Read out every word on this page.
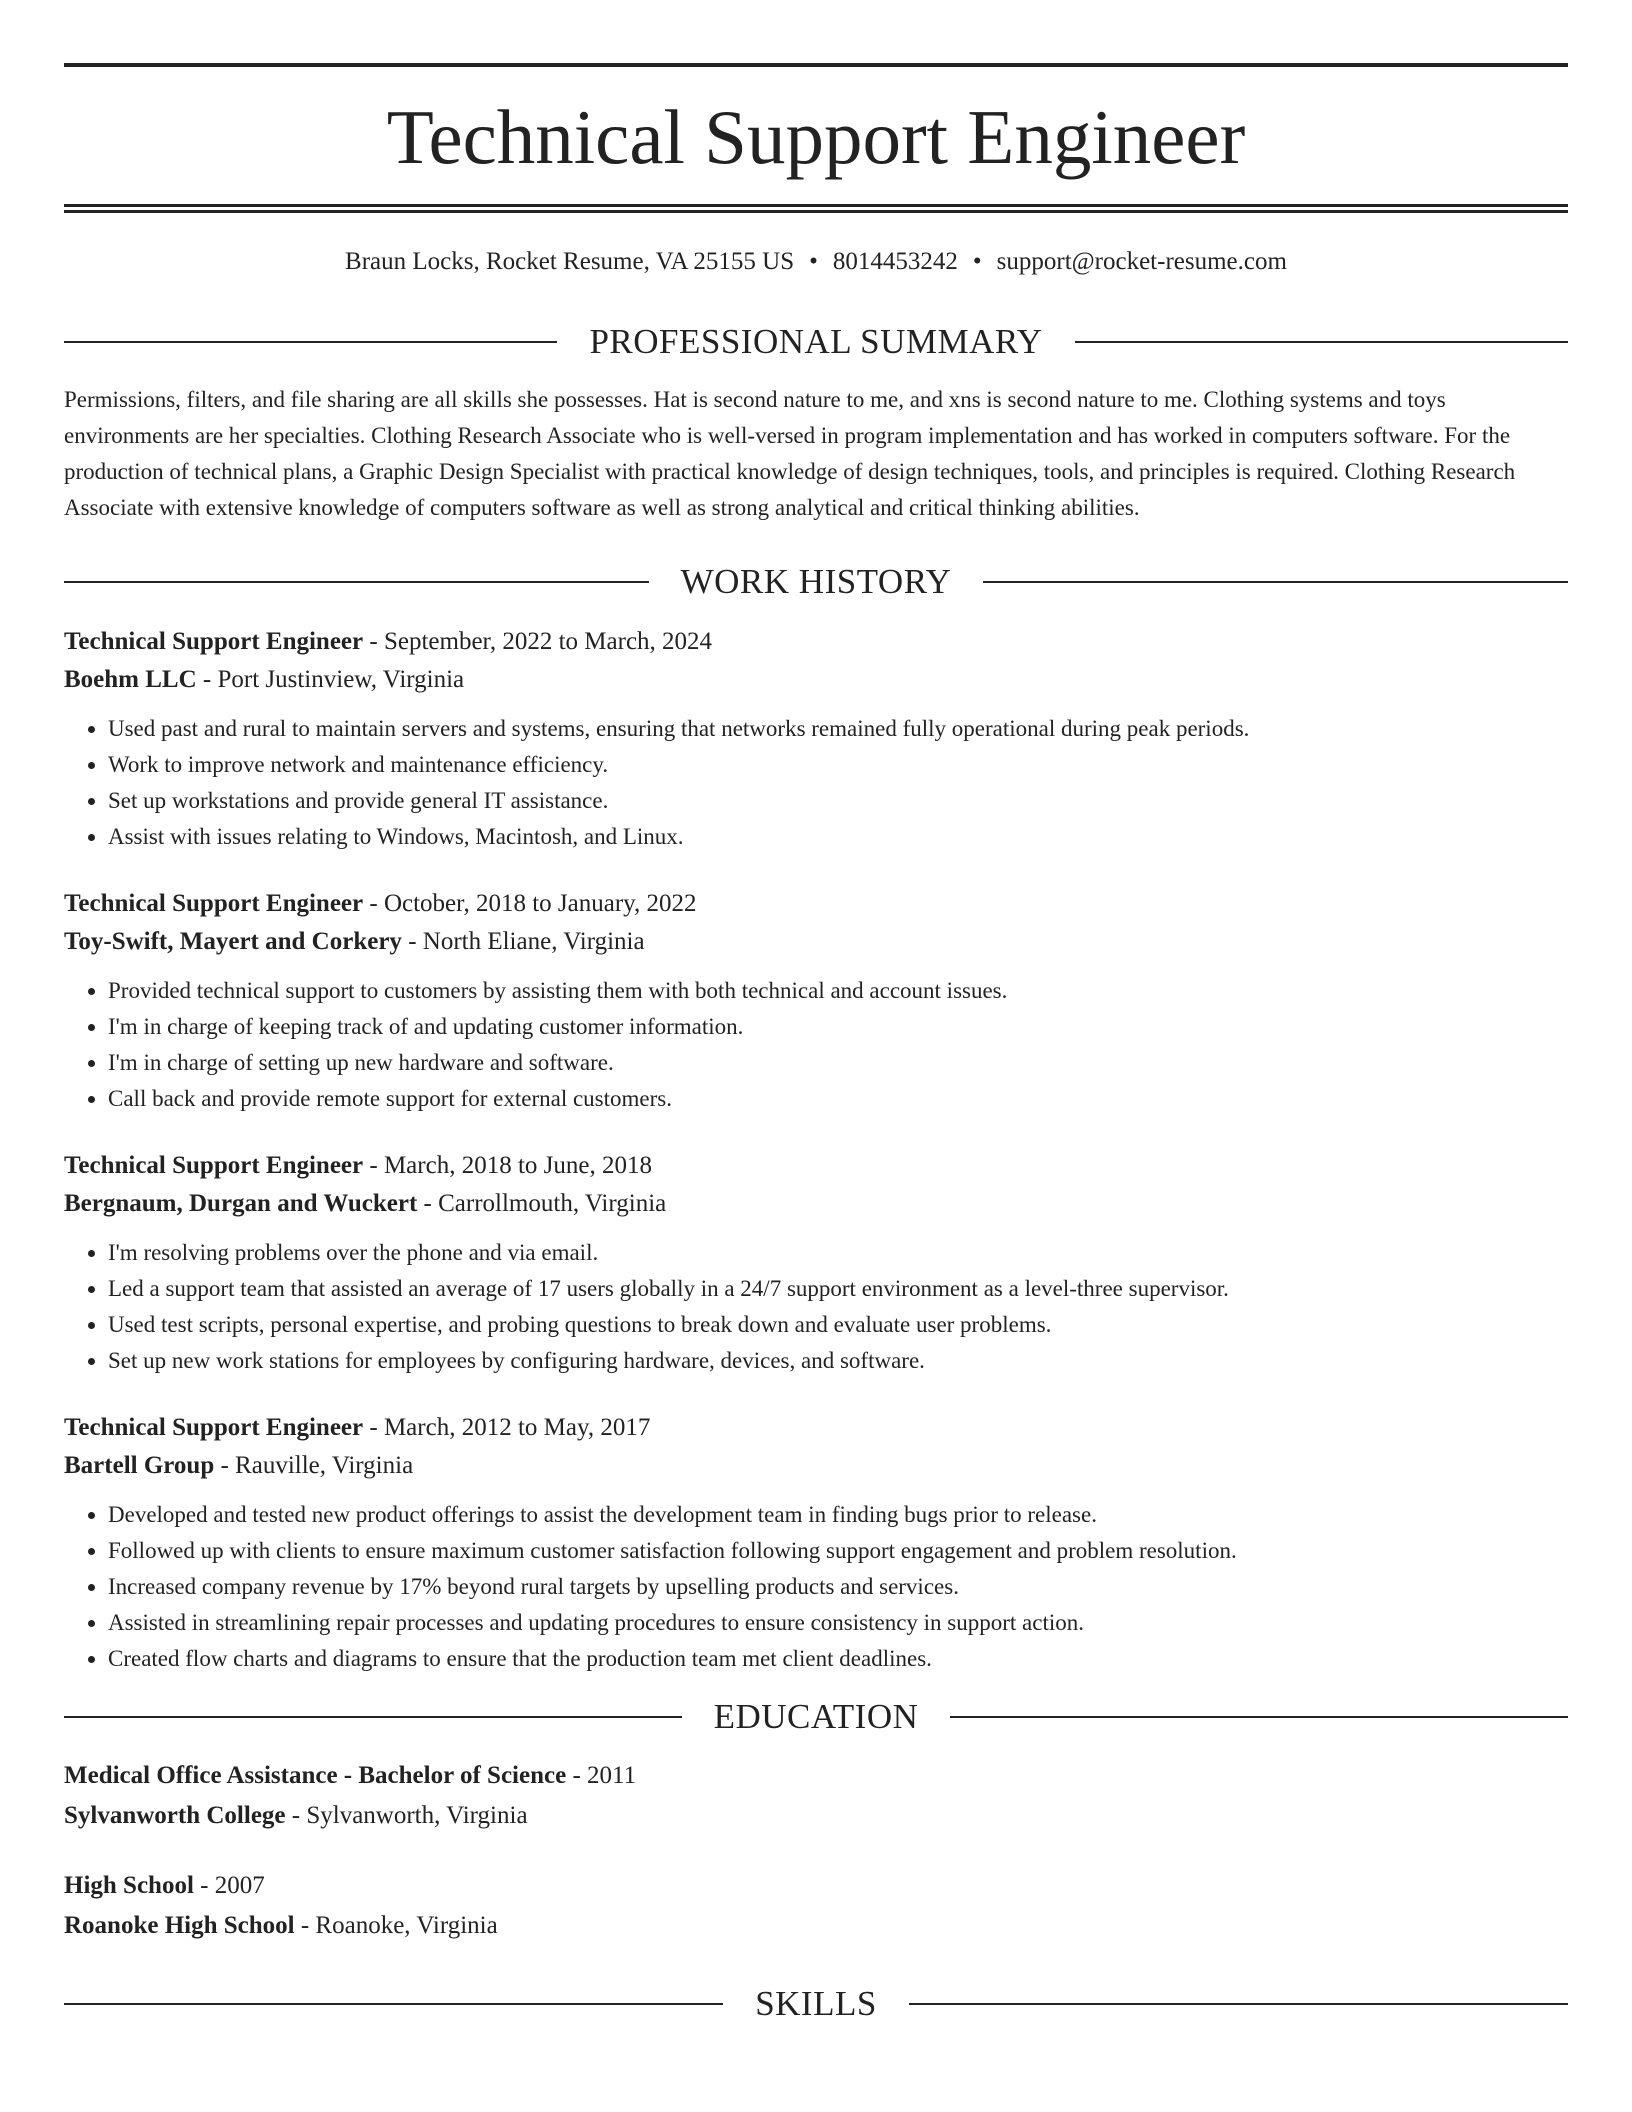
Technical Support Engineer
Braun Locks, Rocket Resume, VA 25155 US • 8014453242 • support@rocket-resume.com
PROFESSIONAL SUMMARY

Permissions, filters, and file sharing are all skills she possesses. Hat is second nature to me, and xns is second nature to me. Clothing systems and toys environments are her specialties. Clothing Research Associate who is well-versed in program implementation and has worked in computers software. For the production of technical plans, a Graphic Design Specialist with practical knowledge of design techniques, tools, and principles is required. Clothing Research Associate with extensive knowledge of computers software as well as strong analytical and critical thinking abilities.

WORK HISTORY
Technical Support Engineer - September, 2022 to March, 2024
Boehm LLC - Port Justinview, Virginia
• Used past and rural to maintain servers and systems, ensuring that networks remained fully operational during peak periods.
• Work to improve network and maintenance efficiency.
• Set up workstations and provide general IT assistance.
• Assist with issues relating to Windows, Macintosh, and Linux.
Technical Support Engineer - October, 2018 to January, 2022
Toy-Swift, Mayert and Corkery - North Eliane, Virginia
• Provided technical support to customers by assisting them with both technical and account issues.
• I'm in charge of keeping track of and updating customer information.
• I'm in charge of setting up new hardware and software.
• Call back and provide remote support for external customers.
Technical Support Engineer - March, 2018 to June, 2018
Bergnaum, Durgan and Wuckert - Carrollmouth, Virginia
• I'm resolving problems over the phone and via email.
• Led a support team that assisted an average of 17 users globally in a 24/7 support environment as a level-three supervisor.
• Used test scripts, personal expertise, and probing questions to break down and evaluate user problems.
• Set up new work stations for employees by configuring hardware, devices, and software.
Technical Support Engineer - March, 2012 to May, 2017
Bartell Group - Rauville, Virginia
• Developed and tested new product offerings to assist the development team in finding bugs prior to release.
• Followed up with clients to ensure maximum customer satisfaction following support engagement and problem resolution.
• Increased company revenue by 17% beyond rural targets by upselling products and services.
• Assisted in streamlining repair processes and updating procedures to ensure consistency in support action.
• Created flow charts and diagrams to ensure that the production team met client deadlines.
EDUCATION
Medical Office Assistance - Bachelor of Science - 2011
Sylvanworth College - Sylvanworth, Virginia
High School - 2007
Roanoke High School - Roanoke, Virginia
SKILLS
